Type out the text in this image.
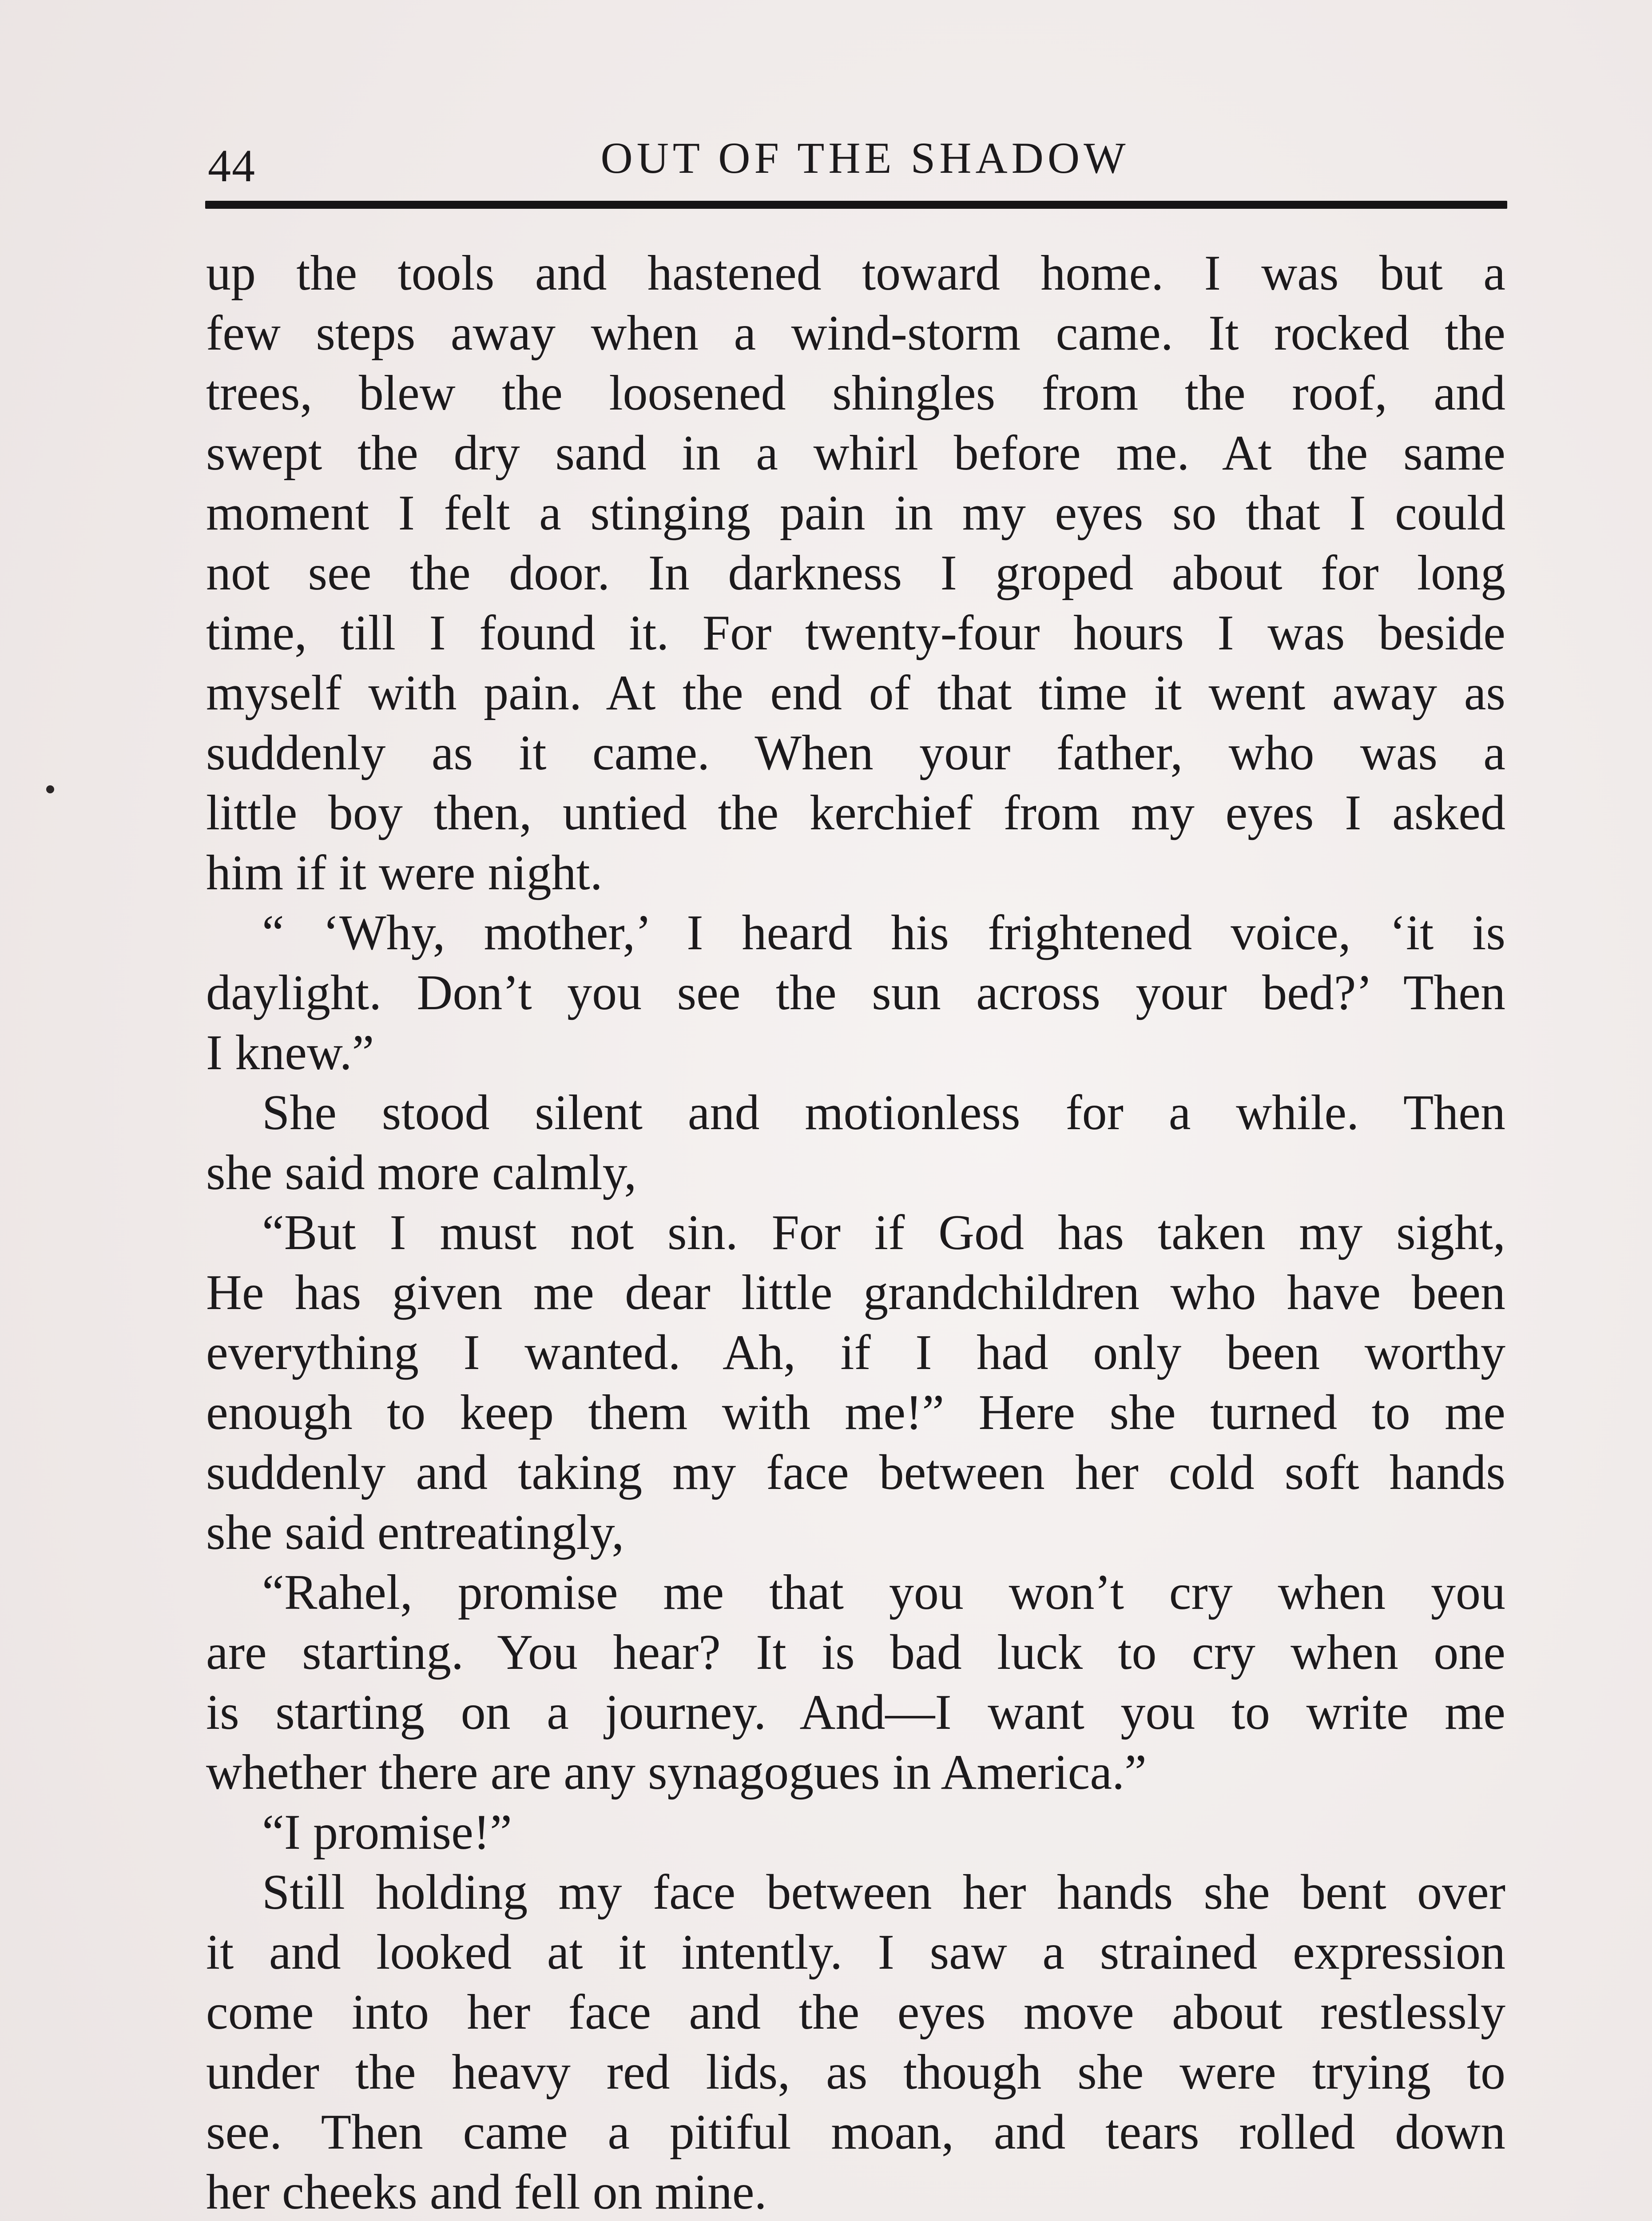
44	OUT OF THE SHADOW
up the tools and hastened toward home. I was but a
few steps away when a wind-storm came. It rocked the
trees, blew the loosened shingles from the roof, and
swept the dry sand in a whirl before me. At the same
moment I felt a stinging pain in my eyes so that I could
not see the door. In darkness I groped about for long
time, till I found it. For twenty-four hours I was beside
myself with pain. At the end of that time it went away as
suddenly as it came. When your father, who was a
little boy then, untied the kerchief from my eyes I asked
him if it were night.
“ ‘Why, mother,’ I heard his frightened voice, ‘it is
daylight. Don’t you see the sun across your bed?’ Then
I knew.”
She stood silent and motionless for a while. Then
she said more calmly,
“But I must not sin. For if God has taken my sight,
He has given me dear little grandchildren who have been
everything I wanted. Ah, if I had only been worthy
enough to keep them with me!” Here she turned to me
suddenly and taking my face between her cold soft hands
she said entreatingly,
“Rahel, promise me that you won’t cry when you
are starting. You hear? It is bad luck to cry when one
is starting on a journey. And—I want you to write me
whether there are any synagogues in America.”
“I promise!”
Still holding my face between her hands she bent over
it and looked at it intently. I saw a strained expression
come into her face and the eyes move about restlessly
under the heavy red lids, as though she were trying to
see. Then came a pitiful moan, and tears rolled down
her cheeks and fell on mine.
